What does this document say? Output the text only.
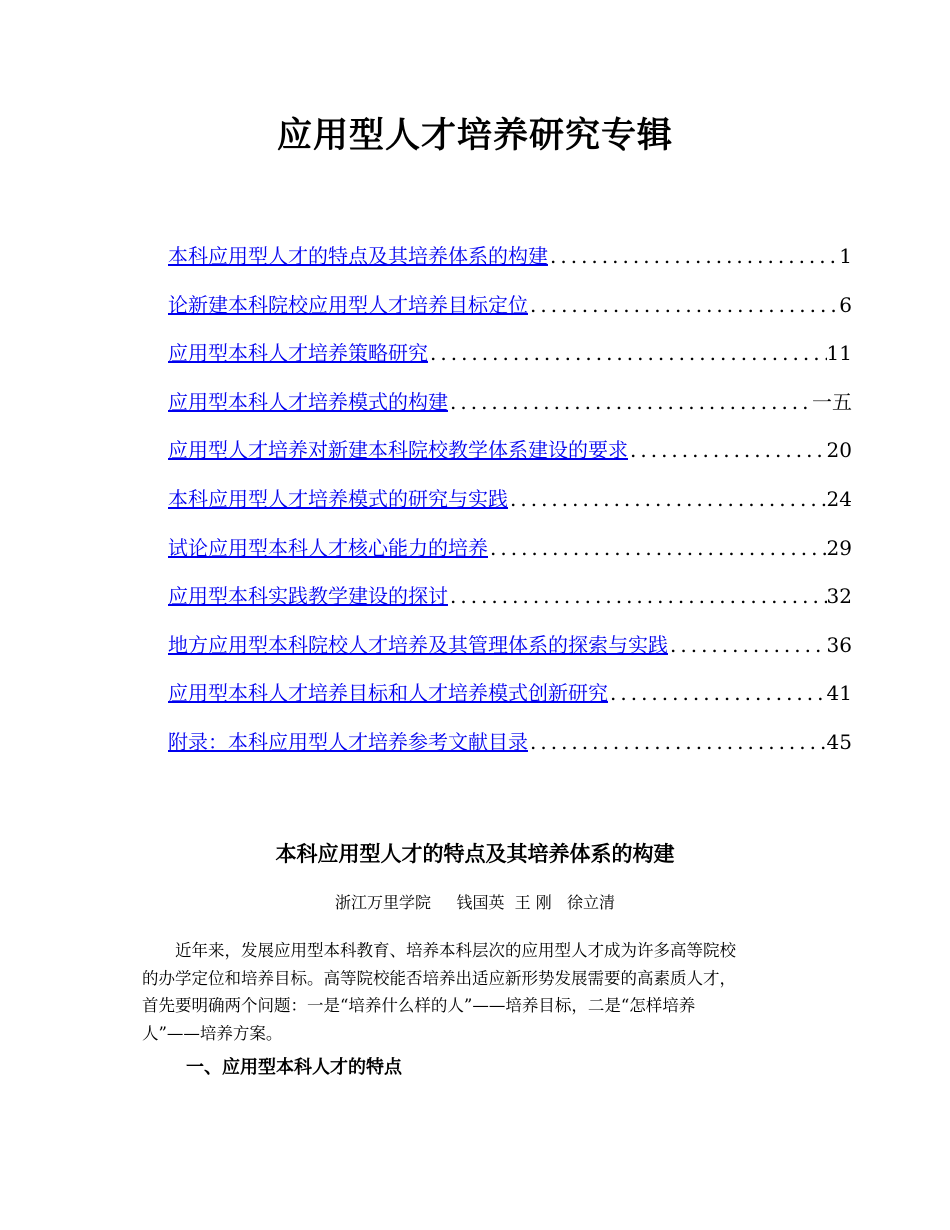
应用型人才培养研究专辑
本科应用型人才的特点及其培养体系的构建 .....	1
论新建本科院校应用型人才培养目标定位 .....	6
应用型本科人才培养策略研究 .....	11
应用型本科人才培养模式的构建 .....	一五
应用型人才培养对新建本科院校教学体系建设的要求 .....	20
本科应用型人才培养模式的研究与实践 .....	24
试论应用型本科人才核心能力的培养 .....	29
应用型本科实践教学建设的探讨 .....	32
地方应用型本科院校人才培养及其管理体系的探索与实践 .....	36
应用型本科人才培养目标和人才培养模式创新研究 .....	41
附录：本科应用型人才培养参考文献目录 .....	45
本科应用型人才的特点及其培养体系的构建
浙江万里学院     钱国英  王 刚   徐立清

　　近年来，发展应用型本科教育、培养本科层次的应用型人才成为许多高等院校
的办学定位和培养目标。高等院校能否培养出适应新形势发展需要的高素质人才，
首先要明确两个问题：一是“培养什么样的人”——培养目标，二是“怎样培养
人”——培养方案。

一、应用型本科人才的特点
